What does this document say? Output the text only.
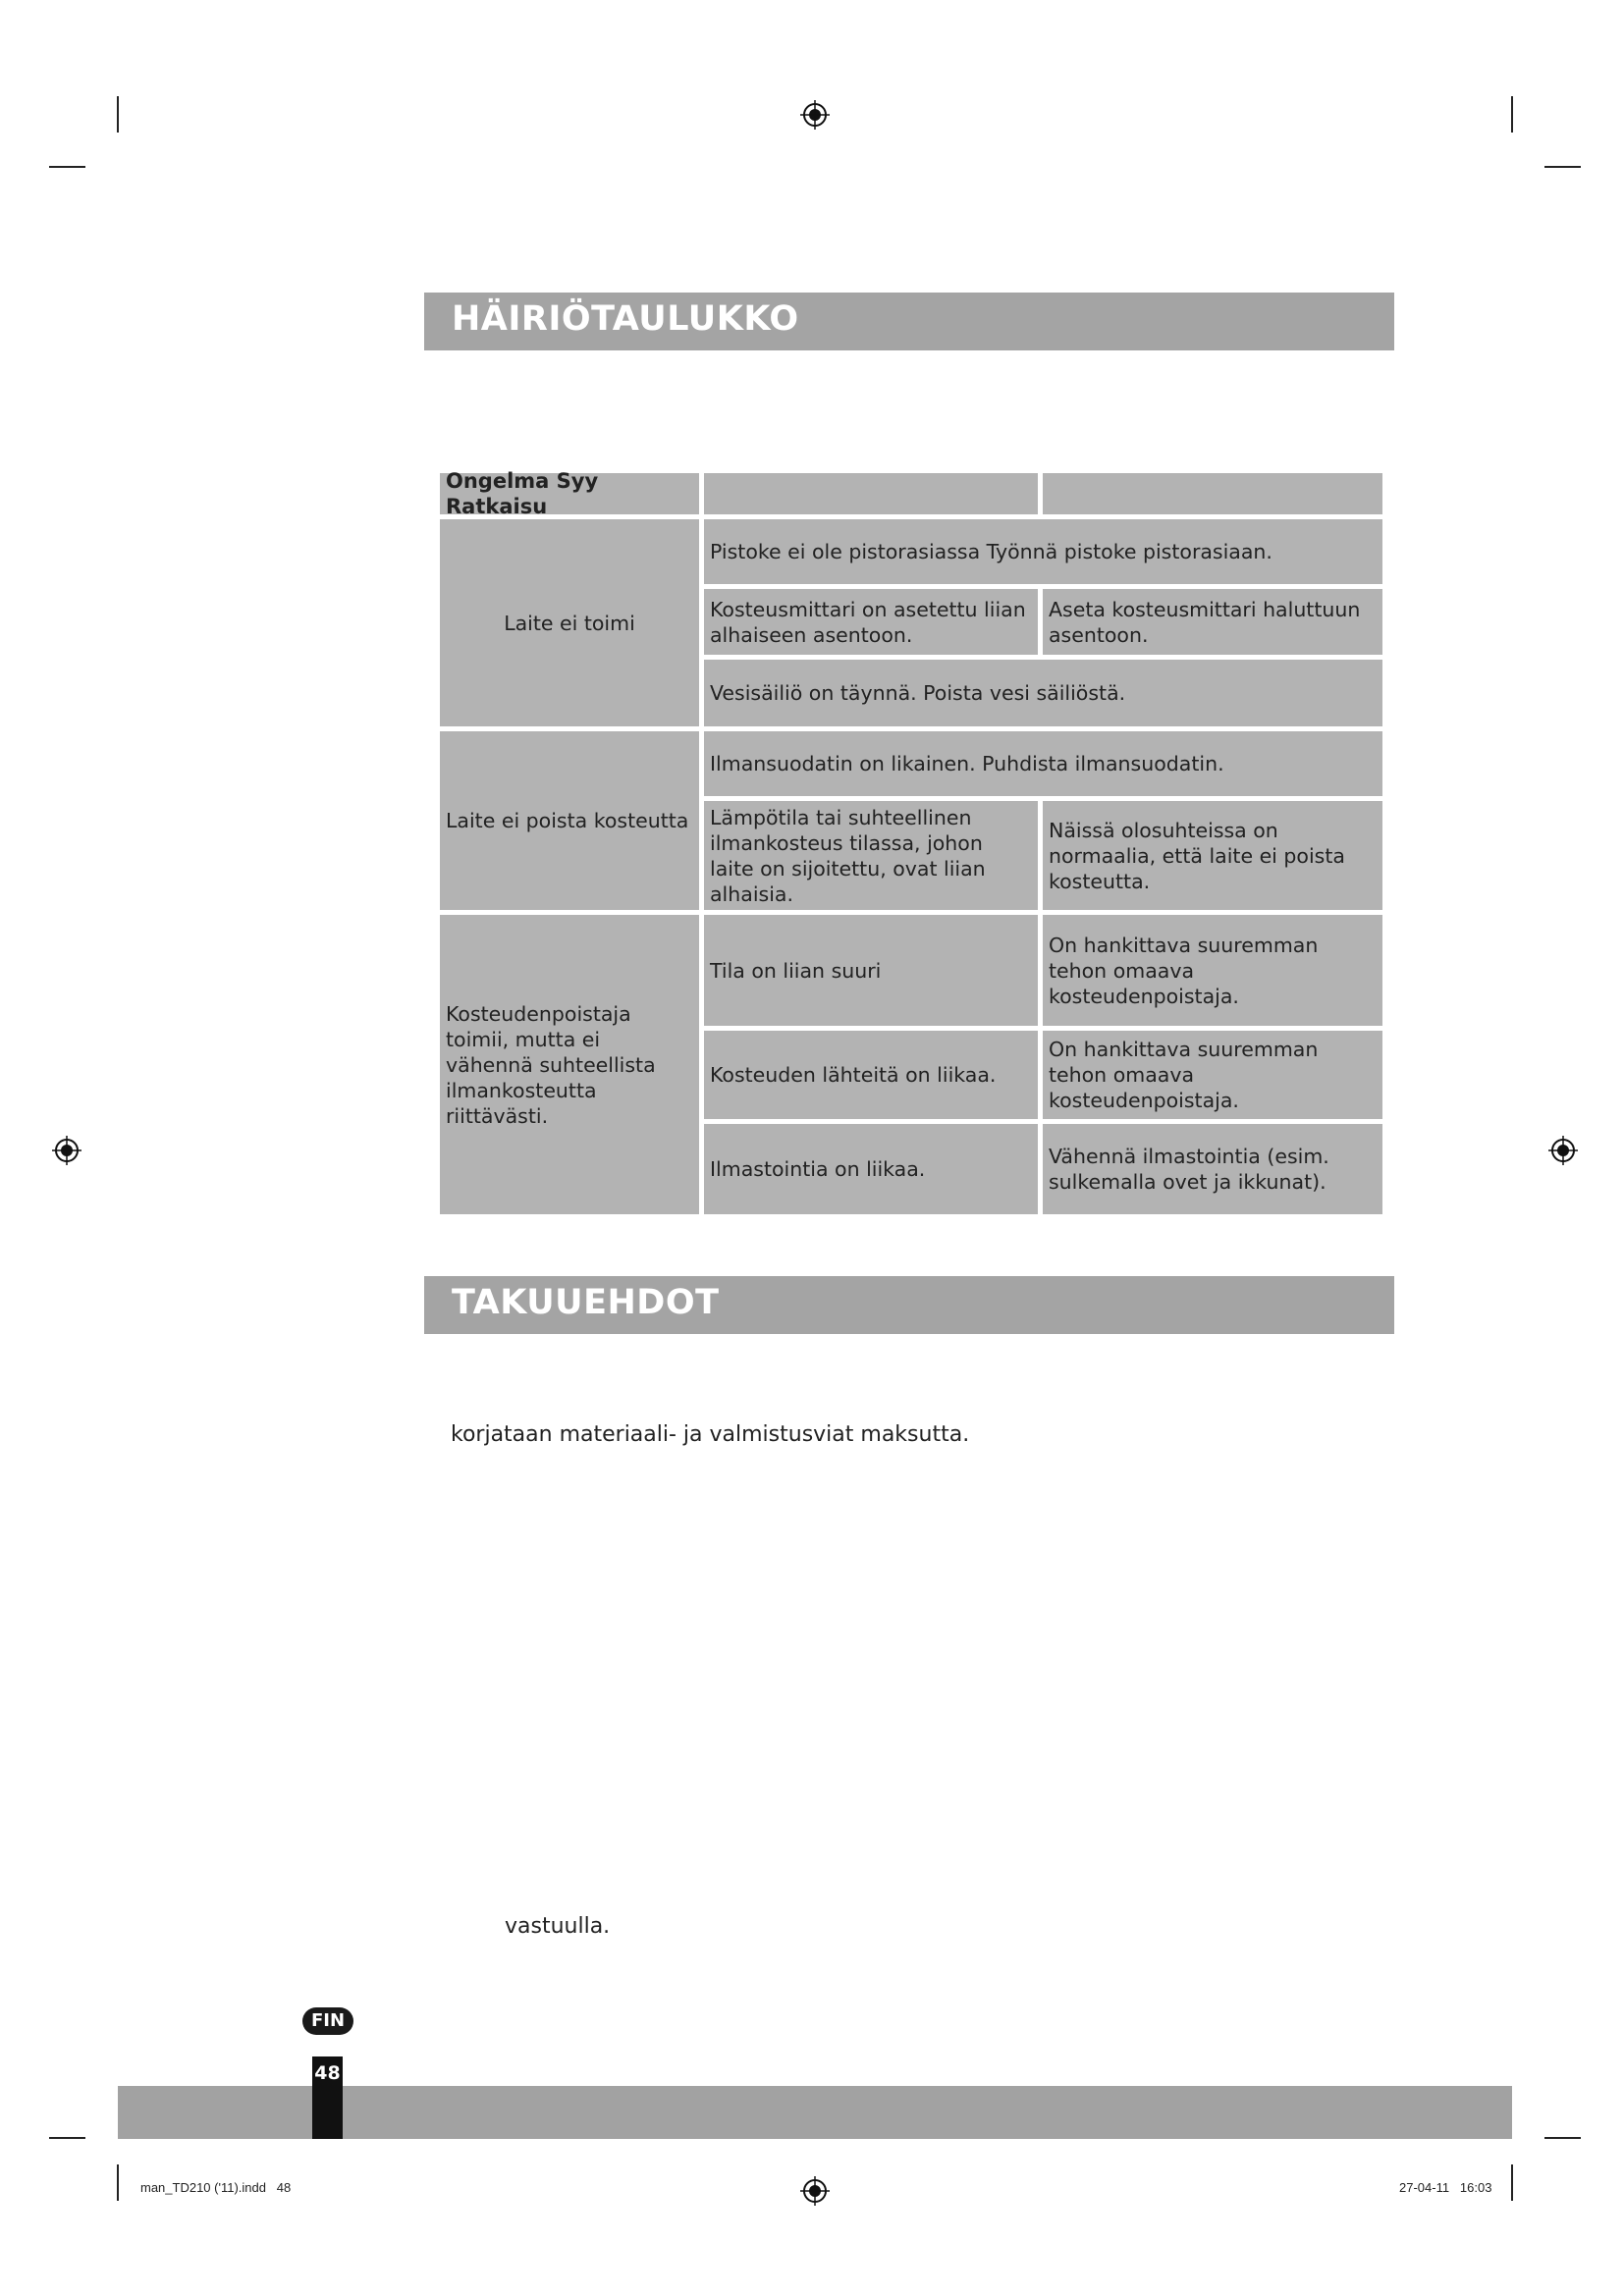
HÄIRIÖTAULUKKO
Ongelma Syy Ratkaisu
Laite ei toimi
Pistoke ei ole pistorasiassa Työnnä pistoke pistorasiaan.
Kosteusmittari on asetettu liian alhaiseen asentoon.
Aseta kosteusmittari haluttuun asentoon.
Vesisäiliö on täynnä. Poista vesi säiliöstä.
Laite ei poista kosteutta
Ilmansuodatin on likainen. Puhdista ilmansuodatin.
Lämpötila tai suhteellinen ilmankosteus tilassa, johon laite on sijoitettu, ovat liian alhaisia.
Näissä olosuhteissa on normaalia, että laite ei poista kosteutta.
Kosteudenpoistaja toimii, mutta ei vähennä suhteellista ilmankosteutta riittävästi.
Tila on liian suuri
On hankittava suuremman tehon omaava kosteudenpoistaja.
Kosteuden lähteitä on liikaa.
On hankittava suuremman tehon omaava kosteudenpoistaja.
Ilmastointia on liikaa.
Vähennä ilmastointia (esim. sulkemalla ovet ja ikkunat).
TAKUUEHDOT
korjataan materiaali- ja valmistusviat maksutta.
vastuulla.
FIN
48
man_TD210 ('11).indd   48	27-04-11   16:03
